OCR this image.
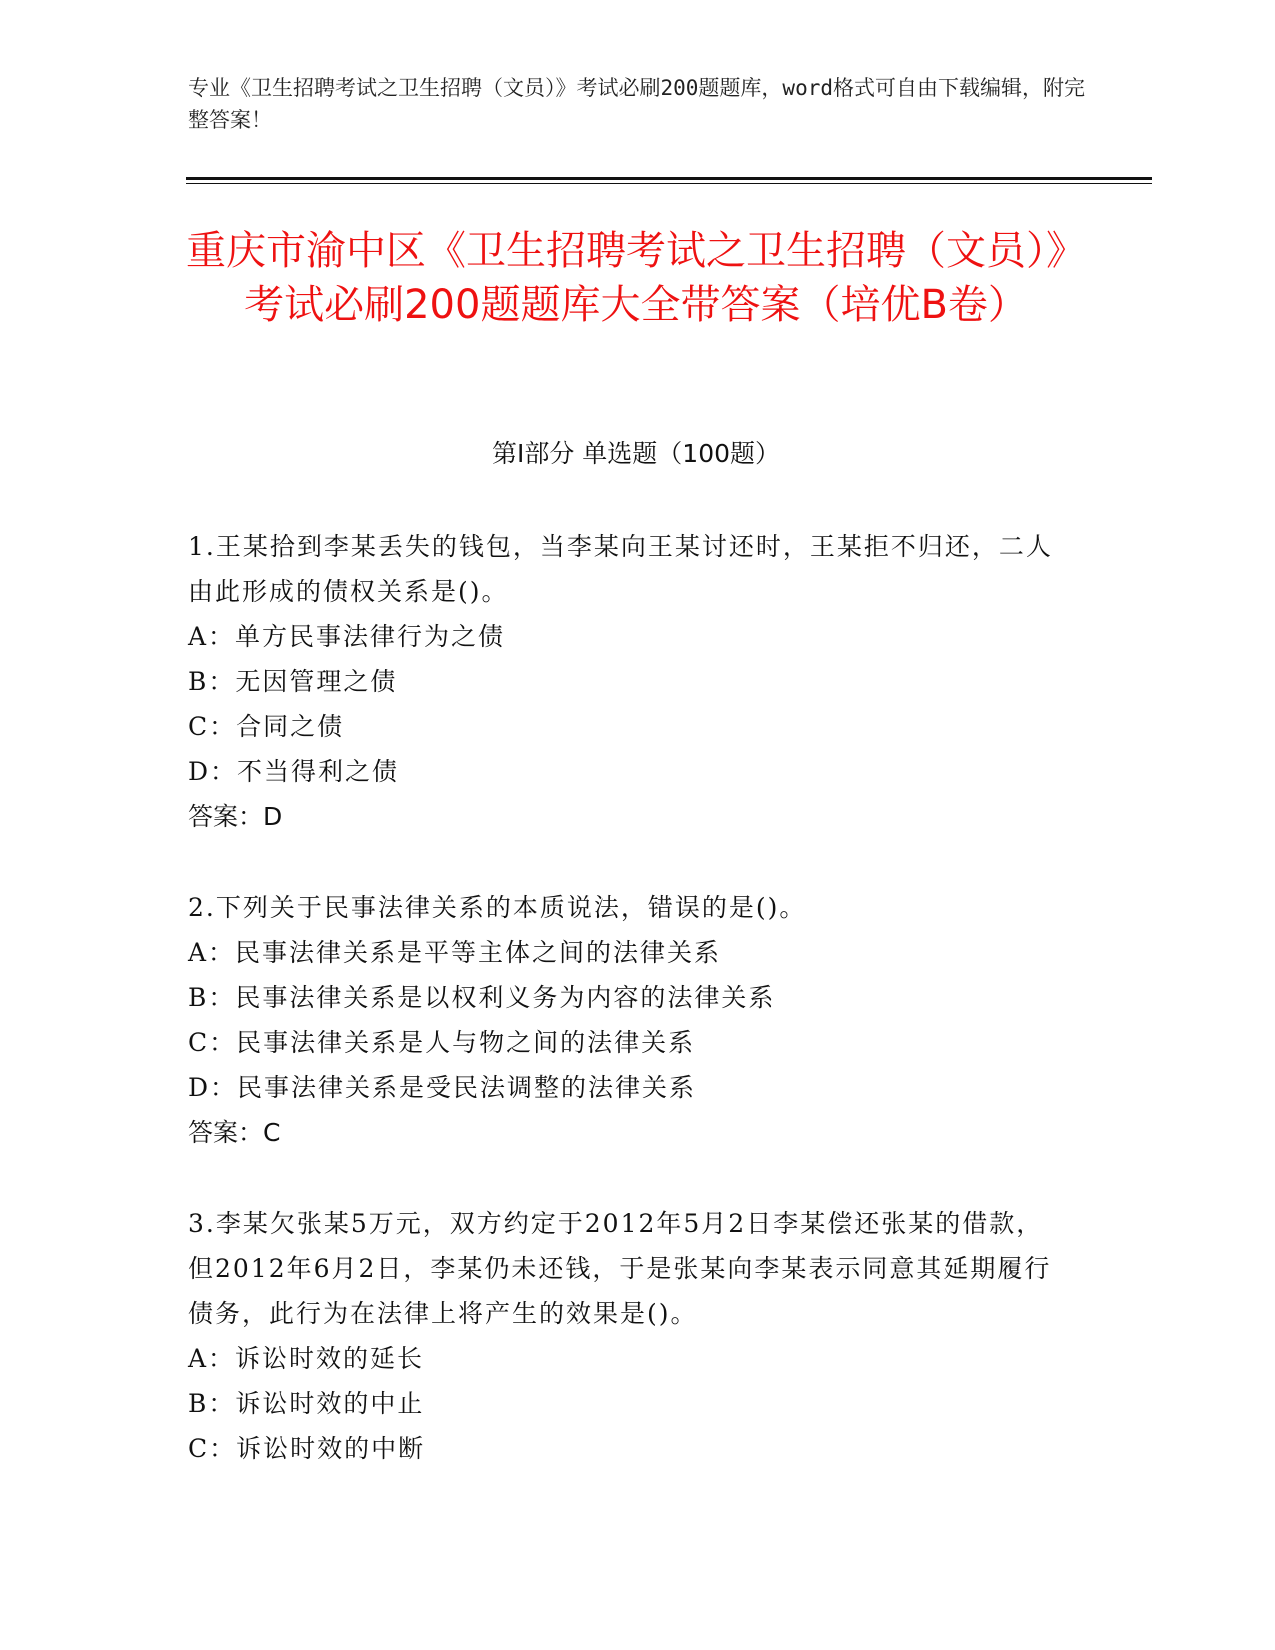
专业《卫生招聘考试之卫生招聘（文员）》考试必刷200题题库，word格式可自由下载编辑，附完整答案！
重庆市渝中区《卫生招聘考试之卫生招聘（文员）》考试必刷200题题库大全带答案（培优B卷）
第Ⅰ部分 单选题（100题）
1.王某拾到李某丢失的钱包，当李某向王某讨还时，王某拒不归还，二人由此形成的债权关系是()。
A：单方民事法律行为之债
B：无因管理之债
C：合同之债
D：不当得利之债
答案：D
2.下列关于民事法律关系的本质说法，错误的是()。
A：民事法律关系是平等主体之间的法律关系
B：民事法律关系是以权利义务为内容的法律关系
C：民事法律关系是人与物之间的法律关系
D：民事法律关系是受民法调整的法律关系
答案：C
3.李某欠张某5万元，双方约定于2012年5月2日李某偿还张某的借款，但2012年6月2日，李某仍未还钱，于是张某向李某表示同意其延期履行债务，此行为在法律上将产生的效果是()。
A：诉讼时效的延长
B：诉讼时效的中止
C：诉讼时效的中断
